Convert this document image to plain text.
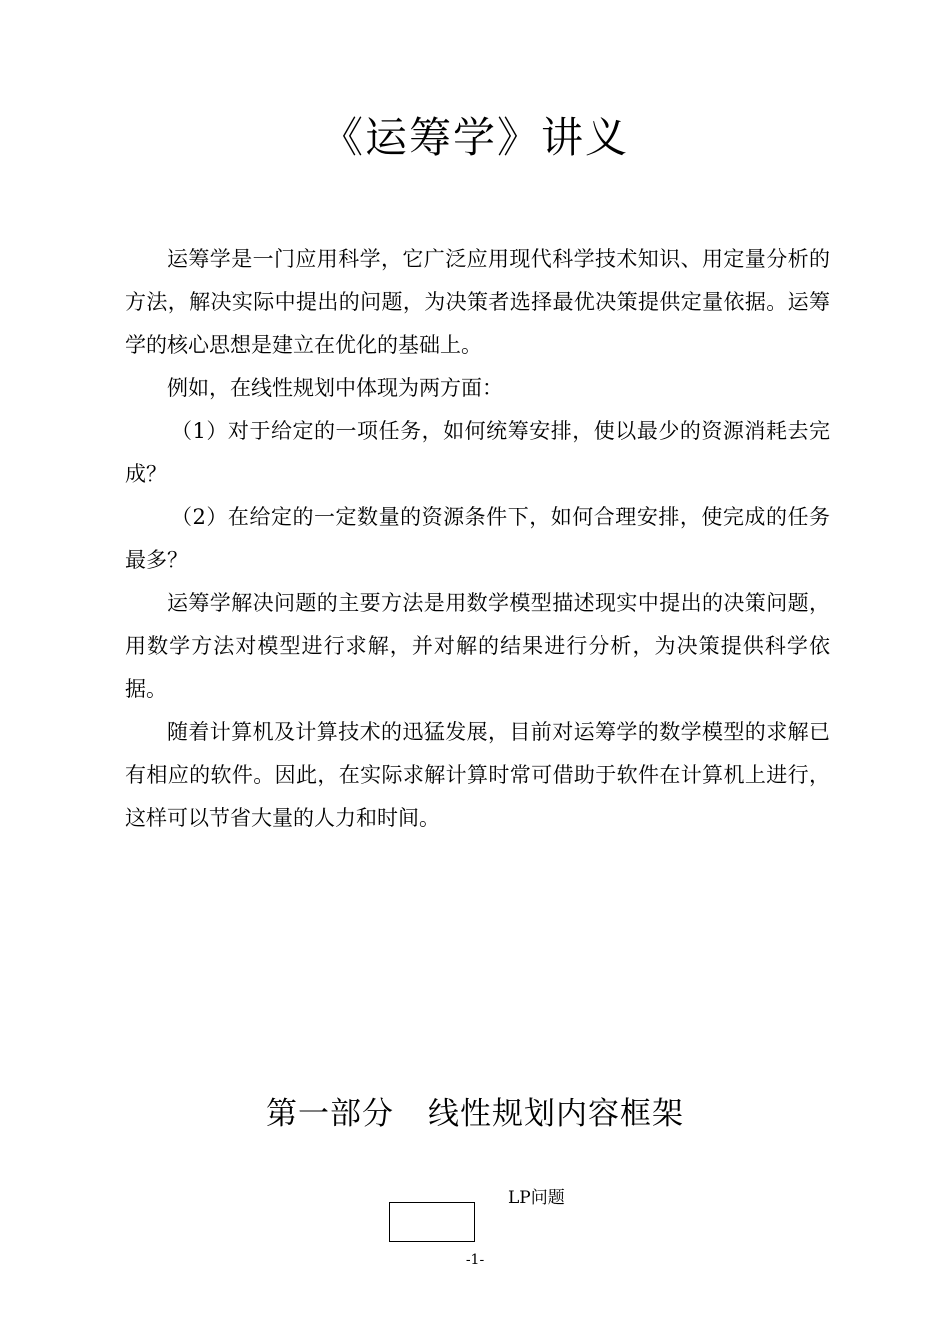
《运筹学》讲义

运筹学是一门应用科学，它广泛应用现代科学技术知识、用定量分析的方法，解决实际中提出的问题，为决策者选择最优决策提供定量依据。运筹学的核心思想是建立在优化的基础上。

例如，在线性规划中体现为两方面：

（1）对于给定的一项任务，如何统筹安排，使以最少的资源消耗去完成？

（2）在给定的一定数量的资源条件下，如何合理安排，使完成的任务最多？

运筹学解决问题的主要方法是用数学模型描述现实中提出的决策问题，用数学方法对模型进行求解，并对解的结果进行分析，为决策提供科学依据。

随着计算机及计算技术的迅猛发展，目前对运筹学的数学模型的求解已有相应的软件。因此，在实际求解计算时常可借助于软件在计算机上进行，这样可以节省大量的人力和时间。

第一部分 线性规划内容框架
LP问题
-1-
